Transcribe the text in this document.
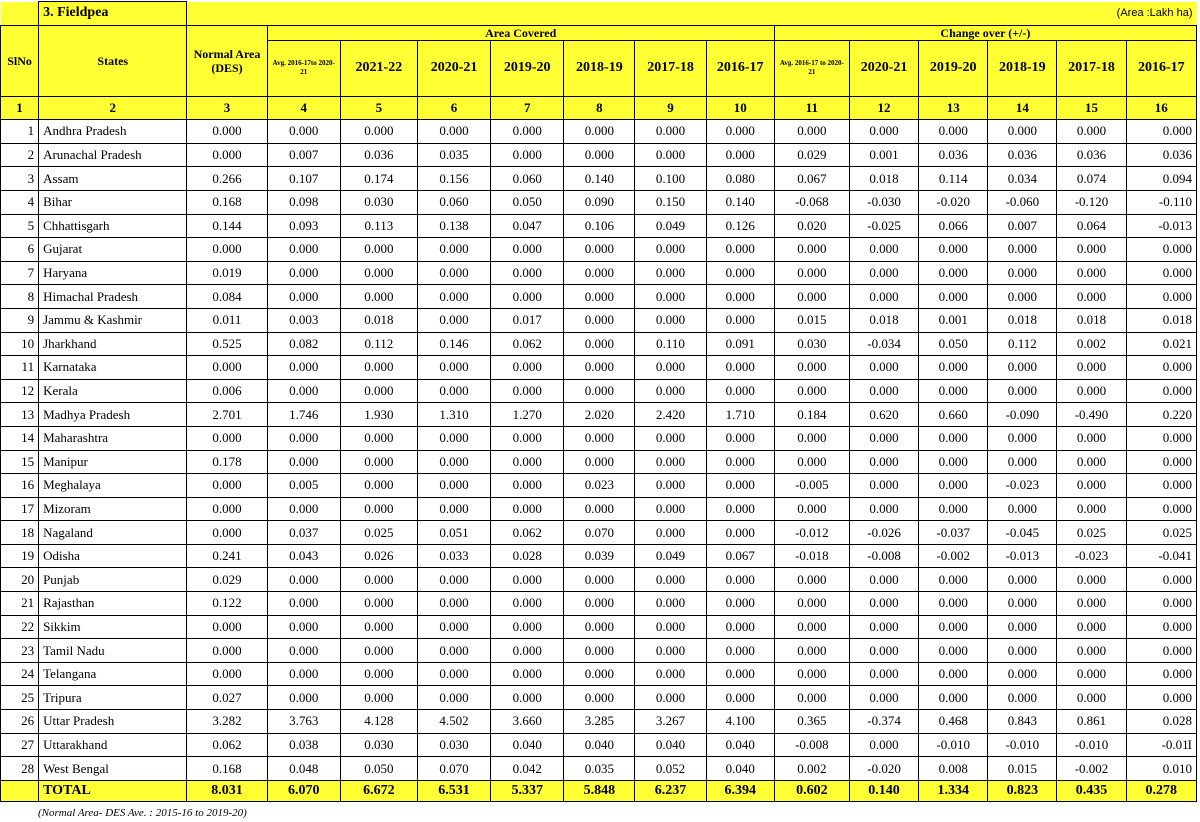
	3. Fieldpea	(Area :Lakh ha)													
SlNo	States	Normal Area (DES)	Area Covered							Change over (+/-)					
			Avg. 2016-17to 2020-21	2021-22	2020-21	2019-20	2018-19	2017-18	2016-17	Avg. 2016-17 to 2020-21	2020-21	2019-20	2018-19	2017-18	2016-17
1	2	3	4	5	6	7	8	9	10	11	12	13	14	15	16
1	Andhra Pradesh	0.000	0.000	0.000	0.000	0.000	0.000	0.000	0.000	0.000	0.000	0.000	0.000	0.000	0.000
2	Arunachal Pradesh	0.000	0.007	0.036	0.035	0.000	0.000	0.000	0.000	0.029	0.001	0.036	0.036	0.036	0.036
3	Assam	0.266	0.107	0.174	0.156	0.060	0.140	0.100	0.080	0.067	0.018	0.114	0.034	0.074	0.094
4	Bihar	0.168	0.098	0.030	0.060	0.050	0.090	0.150	0.140	-0.068	-0.030	-0.020	-0.060	-0.120	-0.110
5	Chhattisgarh	0.144	0.093	0.113	0.138	0.047	0.106	0.049	0.126	0.020	-0.025	0.066	0.007	0.064	-0.013
6	Gujarat	0.000	0.000	0.000	0.000	0.000	0.000	0.000	0.000	0.000	0.000	0.000	0.000	0.000	0.000
7	Haryana	0.019	0.000	0.000	0.000	0.000	0.000	0.000	0.000	0.000	0.000	0.000	0.000	0.000	0.000
8	Himachal Pradesh	0.084	0.000	0.000	0.000	0.000	0.000	0.000	0.000	0.000	0.000	0.000	0.000	0.000	0.000
9	Jammu & Kashmir	0.011	0.003	0.018	0.000	0.017	0.000	0.000	0.000	0.015	0.018	0.001	0.018	0.018	0.018
10	Jharkhand	0.525	0.082	0.112	0.146	0.062	0.000	0.110	0.091	0.030	-0.034	0.050	0.112	0.002	0.021
11	Karnataka	0.000	0.000	0.000	0.000	0.000	0.000	0.000	0.000	0.000	0.000	0.000	0.000	0.000	0.000
12	Kerala	0.006	0.000	0.000	0.000	0.000	0.000	0.000	0.000	0.000	0.000	0.000	0.000	0.000	0.000
13	Madhya Pradesh	2.701	1.746	1.930	1.310	1.270	2.020	2.420	1.710	0.184	0.620	0.660	-0.090	-0.490	0.220
14	Maharashtra	0.000	0.000	0.000	0.000	0.000	0.000	0.000	0.000	0.000	0.000	0.000	0.000	0.000	0.000
15	Manipur	0.178	0.000	0.000	0.000	0.000	0.000	0.000	0.000	0.000	0.000	0.000	0.000	0.000	0.000
16	Meghalaya	0.000	0.005	0.000	0.000	0.000	0.023	0.000	0.000	-0.005	0.000	0.000	-0.023	0.000	0.000
17	Mizoram	0.000	0.000	0.000	0.000	0.000	0.000	0.000	0.000	0.000	0.000	0.000	0.000	0.000	0.000
18	Nagaland	0.000	0.037	0.025	0.051	0.062	0.070	0.000	0.000	-0.012	-0.026	-0.037	-0.045	0.025	0.025
19	Odisha	0.241	0.043	0.026	0.033	0.028	0.039	0.049	0.067	-0.018	-0.008	-0.002	-0.013	-0.023	-0.041
20	Punjab	0.029	0.000	0.000	0.000	0.000	0.000	0.000	0.000	0.000	0.000	0.000	0.000	0.000	0.000
21	Rajasthan	0.122	0.000	0.000	0.000	0.000	0.000	0.000	0.000	0.000	0.000	0.000	0.000	0.000	0.000
22	Sikkim	0.000	0.000	0.000	0.000	0.000	0.000	0.000	0.000	0.000	0.000	0.000	0.000	0.000	0.000
23	Tamil Nadu	0.000	0.000	0.000	0.000	0.000	0.000	0.000	0.000	0.000	0.000	0.000	0.000	0.000	0.000
24	Telangana	0.000	0.000	0.000	0.000	0.000	0.000	0.000	0.000	0.000	0.000	0.000	0.000	0.000	0.000
25	Tripura	0.027	0.000	0.000	0.000	0.000	0.000	0.000	0.000	0.000	0.000	0.000	0.000	0.000	0.000
26	Uttar Pradesh	3.282	3.763	4.128	4.502	3.660	3.285	3.267	4.100	0.365	-0.374	0.468	0.843	0.861	0.028
27	Uttarakhand	0.062	0.038	0.030	0.030	0.040	0.040	0.040	0.040	-0.008	0.000	-0.010	-0.010	-0.010	-0.01I
28	West Bengal	0.168	0.048	0.050	0.070	0.042	0.035	0.052	0.040	0.002	-0.020	0.008	0.015	-0.002	0.010
	TOTAL	8.031	6.070	6.672	6.531	5.337	5.848	6.237	6.394	0.602	0.140	1.334	0.823	0.435	0.278
(Normal Area- DES Ave. : 2015-16 to 2019-20)
